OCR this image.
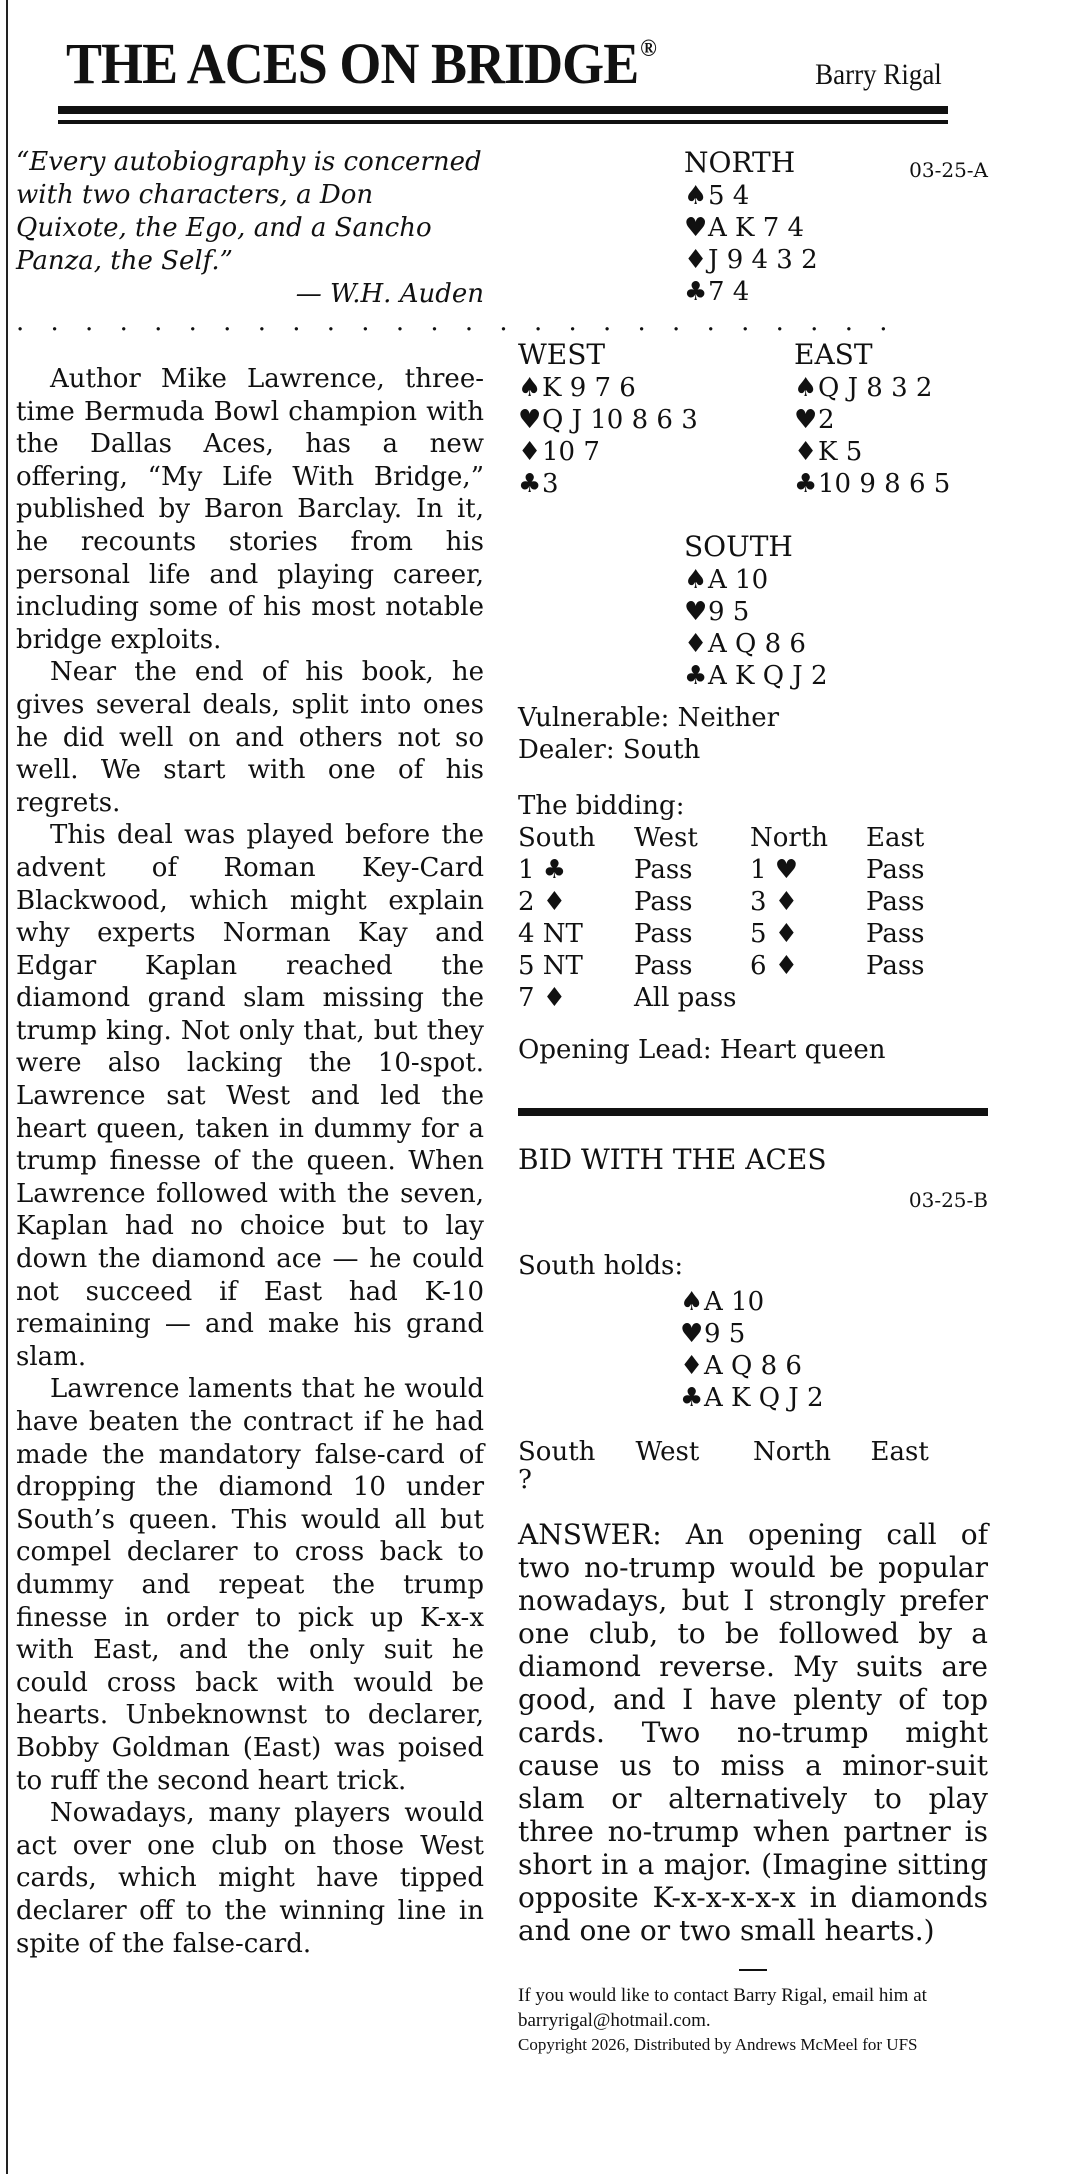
THE ACES ON BRIDGE®
Barry Rigal
“Every autobiography is concerned with two characters, a Don Quixote, the Ego, and a Sancho Panza, the Self.”
— W.H. Auden
· · · · · · · · · · · · · · · · · · · · · · · · · ·

Author Mike Lawrence, three-time Bermuda Bowl champion with the Dallas Aces, has a new offering, “My Life With Bridge,” published by Baron Barclay. In it, he recounts stories from his personal life and playing career, including some of his most notable bridge exploits.

Near the end of his book, he gives several deals, split into ones he did well on and others not so well. We start with one of his regrets.

This deal was played before the advent of Roman Key-Card Blackwood, which might explain why experts Norman Kay and Edgar Kaplan reached the diamond grand slam missing the trump king. Not only that, but they were also lacking the 10-spot. Lawrence sat West and led the heart queen, taken in dummy for a trump finesse of the queen. When Lawrence followed with the seven, Kaplan had no choice but to lay down the diamond ace — he could not succeed if East had K-10 remaining — and make his grand slam.

Lawrence laments that he would have beaten the contract if he had made the mandatory false-card of dropping the diamond 10 under South’s queen. This would all but compel declarer to cross back to dummy and repeat the trump finesse in order to pick up K-x-x with East, and the only suit he could cross back with would be hearts. Unbeknownst to declarer, Bobby Goldman (East) was poised to ruff the second heart trick.

Nowadays, many players would act over one club on those West cards, which might have tipped declarer off to the winning line in spite of the false-card.

03-25-A
NORTH
♠5 4
♥A K 7 4
♦J 9 4 3 2
♣7 4
WEST
♠K 9 7 6
♥Q J 10 8 6 3
♦10 7
♣3
EAST
♠Q J 8 3 2
♥2
♦K 5
♣10 9 8 6 5
SOUTH
♠A 10
♥9 5
♦A Q 8 6
♣A K Q J 2
Vulnerable: Neither
Dealer: South
The bidding:
South	West	North	East
1 ♣	Pass	1 ♥	Pass
2 ♦	Pass	3 ♦	Pass
4 NT	Pass	5 ♦	Pass
5 NT	Pass	6 ♦	Pass
7 ♦	All pass
Opening Lead: Heart queen
BID WITH THE ACES
03-25-B
South holds:
♠A 10
♥9 5
♦A Q 8 6
♣A K Q J 2
South	West	North	East
?
ANSWER: An opening call of two no-trump would be popular nowadays, but I strongly prefer one club, to be followed by a diamond reverse. My suits are good, and I have plenty of top cards. Two no-trump might cause us to miss a minor-suit slam or alternatively to play three no-trump when partner is short in a major. (Imagine sitting opposite K-x-x-x-x-x in diamonds and one or two small hearts.)
If you would like to contact Barry Rigal, email him at barryrigal@hotmail.com.
Copyright 2026, Distributed by Andrews McMeel for UFS
